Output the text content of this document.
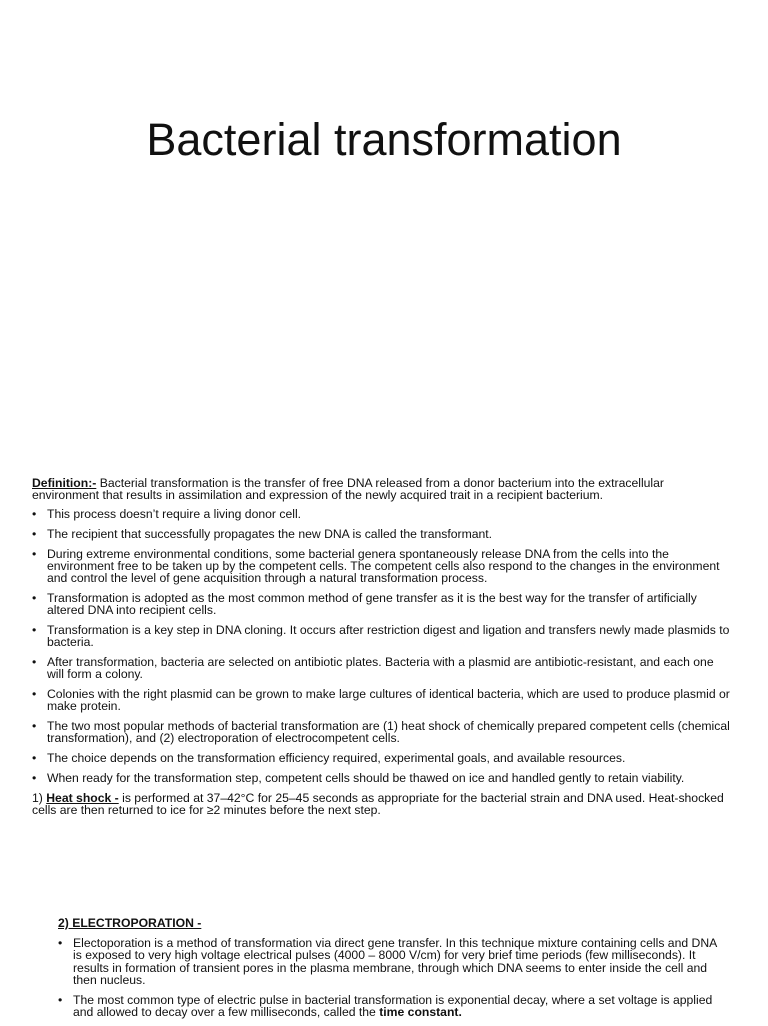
Bacterial transformation

Definition:- Bacterial transformation is the transfer of free DNA released from a donor bacterium into the extracellular environment that results in assimilation and expression of the newly acquired trait in a recipient bacterium.

• This process doesn’t require a living donor cell.
• The recipient that successfully propagates the new DNA is called the transformant.
• During extreme environmental conditions, some bacterial genera spontaneously release DNA from the cells into the environment free to be taken up by the competent cells. The competent cells also respond to the changes in the environment and control the level of gene acquisition through a natural transformation process.
• Transformation is adopted as the most common method of gene transfer as it is the best way for the transfer of artificially altered DNA into recipient cells.
• Transformation is a key step in DNA cloning. It occurs after restriction digest and ligation and transfers newly made plasmids to bacteria.
• After transformation, bacteria are selected on antibiotic plates. Bacteria with a plasmid are antibiotic-resistant, and each one will form a colony.
• Colonies with the right plasmid can be grown to make large cultures of identical bacteria, which are used to produce plasmid or make protein.
• The two most popular methods of bacterial transformation are (1) heat shock of chemically prepared competent cells (chemical transformation), and (2) electroporation of electrocompetent cells.
• The choice depends on the transformation efficiency required, experimental goals, and available resources.
• When ready for the transformation step, competent cells should be thawed on ice and handled gently to retain viability.

1) Heat shock - is performed at 37–42°C for 25–45 seconds as appropriate for the bacterial strain and DNA used. Heat-shocked cells are then returned to ice for ≥2 minutes before the next step.

2) ELECTROPORATION -

• Electoporation is a method of transformation via direct gene transfer. In this technique mixture containing cells and DNA is exposed to very high voltage electrical pulses (4000 – 8000 V/cm) for very brief time periods (few milliseconds). It results in formation of transient pores in the plasma membrane, through which DNA seems to enter inside the cell and then nucleus.
• The most common type of electric pulse in bacterial transformation is exponential decay, where a set voltage is applied and allowed to decay over a few milliseconds, called the time constant.
